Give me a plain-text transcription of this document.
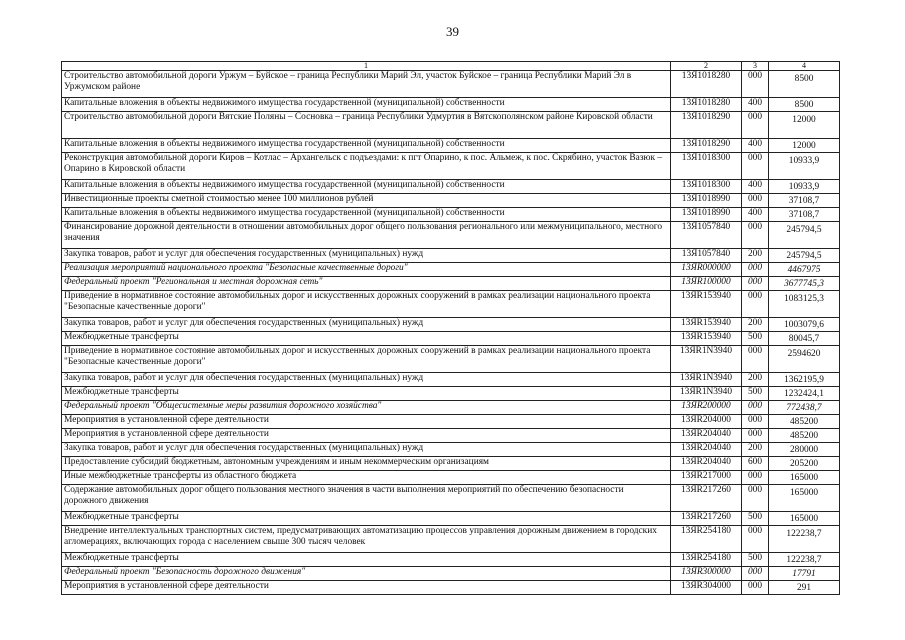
39
1	2	3	4
Строительство автомобильной дороги Уржум – Буйское – граница Республики Марий Эл, участок Буйское – граница Республики Марий Эл в Уржумском районе	13Я1018280	000	8500
Капитальные вложения в объекты недвижимого имущества государственной (муниципальной) собственности	13Я1018280	400	8500
Строительство автомобильной дороги Вятские Поляны – Сосновка – граница Республики Удмуртия в Вятскополянском районе Кировской области	13Я1018290	000	12000
Капитальные вложения в объекты недвижимого имущества государственной (муниципальной) собственности	13Я1018290	400	12000
Реконструкция автомобильной дороги Киров – Котлас – Архангельск с подъездами: к пгт Опарино, к пос. Альмеж, к пос. Скрябино, участок Вазюк – Опарино в Кировской области	13Я1018300	000	10933,9
Капитальные вложения в объекты недвижимого имущества государственной (муниципальной) собственности	13Я1018300	400	10933,9
Инвестиционные проекты сметной стоимостью менее 100 миллионов рублей	13Я1018990	000	37108,7
Капитальные вложения в объекты недвижимого имущества государственной (муниципальной) собственности	13Я1018990	400	37108,7
Финансирование дорожной деятельности в отношении автомобильных дорог общего пользования регионального или межмуниципального, местного значения	13Я1057840	000	245794,5
Закупка товаров, работ и услуг для обеспечения государственных (муниципальных) нужд	13Я1057840	200	245794,5
Реализация мероприятий национального проекта "Безопасные качественные дороги"	13ЯR000000	000	4467975
Федеральный проект "Региональная и местная дорожная сеть"	13ЯR100000	000	3677745,3
Приведение в нормативное состояние автомобильных дорог и искусственных дорожных сооружений в рамках реализации национального проекта "Безопасные качественные дороги"	13ЯR153940	000	1083125,3
Закупка товаров, работ и услуг для обеспечения государственных (муниципальных) нужд	13ЯR153940	200	1003079,6
Межбюджетные трансферты	13ЯR153940	500	80045,7
Приведение в нормативное состояние автомобильных дорог и искусственных дорожных сооружений в рамках реализации национального проекта "Безопасные качественные дороги"	13ЯR1N3940	000	2594620
Закупка товаров, работ и услуг для обеспечения государственных (муниципальных) нужд	13ЯR1N3940	200	1362195,9
Межбюджетные трансферты	13ЯR1N3940	500	1232424,1
Федеральный проект "Общесистемные меры развития дорожного хозяйства"	13ЯR200000	000	772438,7
Мероприятия в установленной сфере деятельности	13ЯR204000	000	485200
Мероприятия в установленной сфере деятельности	13ЯR204040	000	485200
Закупка товаров, работ и услуг для обеспечения государственных (муниципальных) нужд	13ЯR204040	200	280000
Предоставление субсидий бюджетным, автономным учреждениям и иным некоммерческим организациям	13ЯR204040	600	205200
Иные межбюджетные трансферты из областного бюджета	13ЯR217000	000	165000
Содержание автомобильных дорог общего пользования местного значения в части выполнения мероприятий по обеспечению безопасности дорожного движения	13ЯR217260	000	165000
Межбюджетные трансферты	13ЯR217260	500	165000
Внедрение интеллектуальных транспортных систем, предусматривающих автоматизацию процессов управления дорожным движением в городских агломерациях, включающих города с населением свыше 300 тысяч человек	13ЯR254180	000	122238,7
Межбюджетные трансферты	13ЯR254180	500	122238,7
Федеральный проект "Безопасность дорожного движения"	13ЯR300000	000	17791
Мероприятия в установленной сфере деятельности	13ЯR304000	000	291
